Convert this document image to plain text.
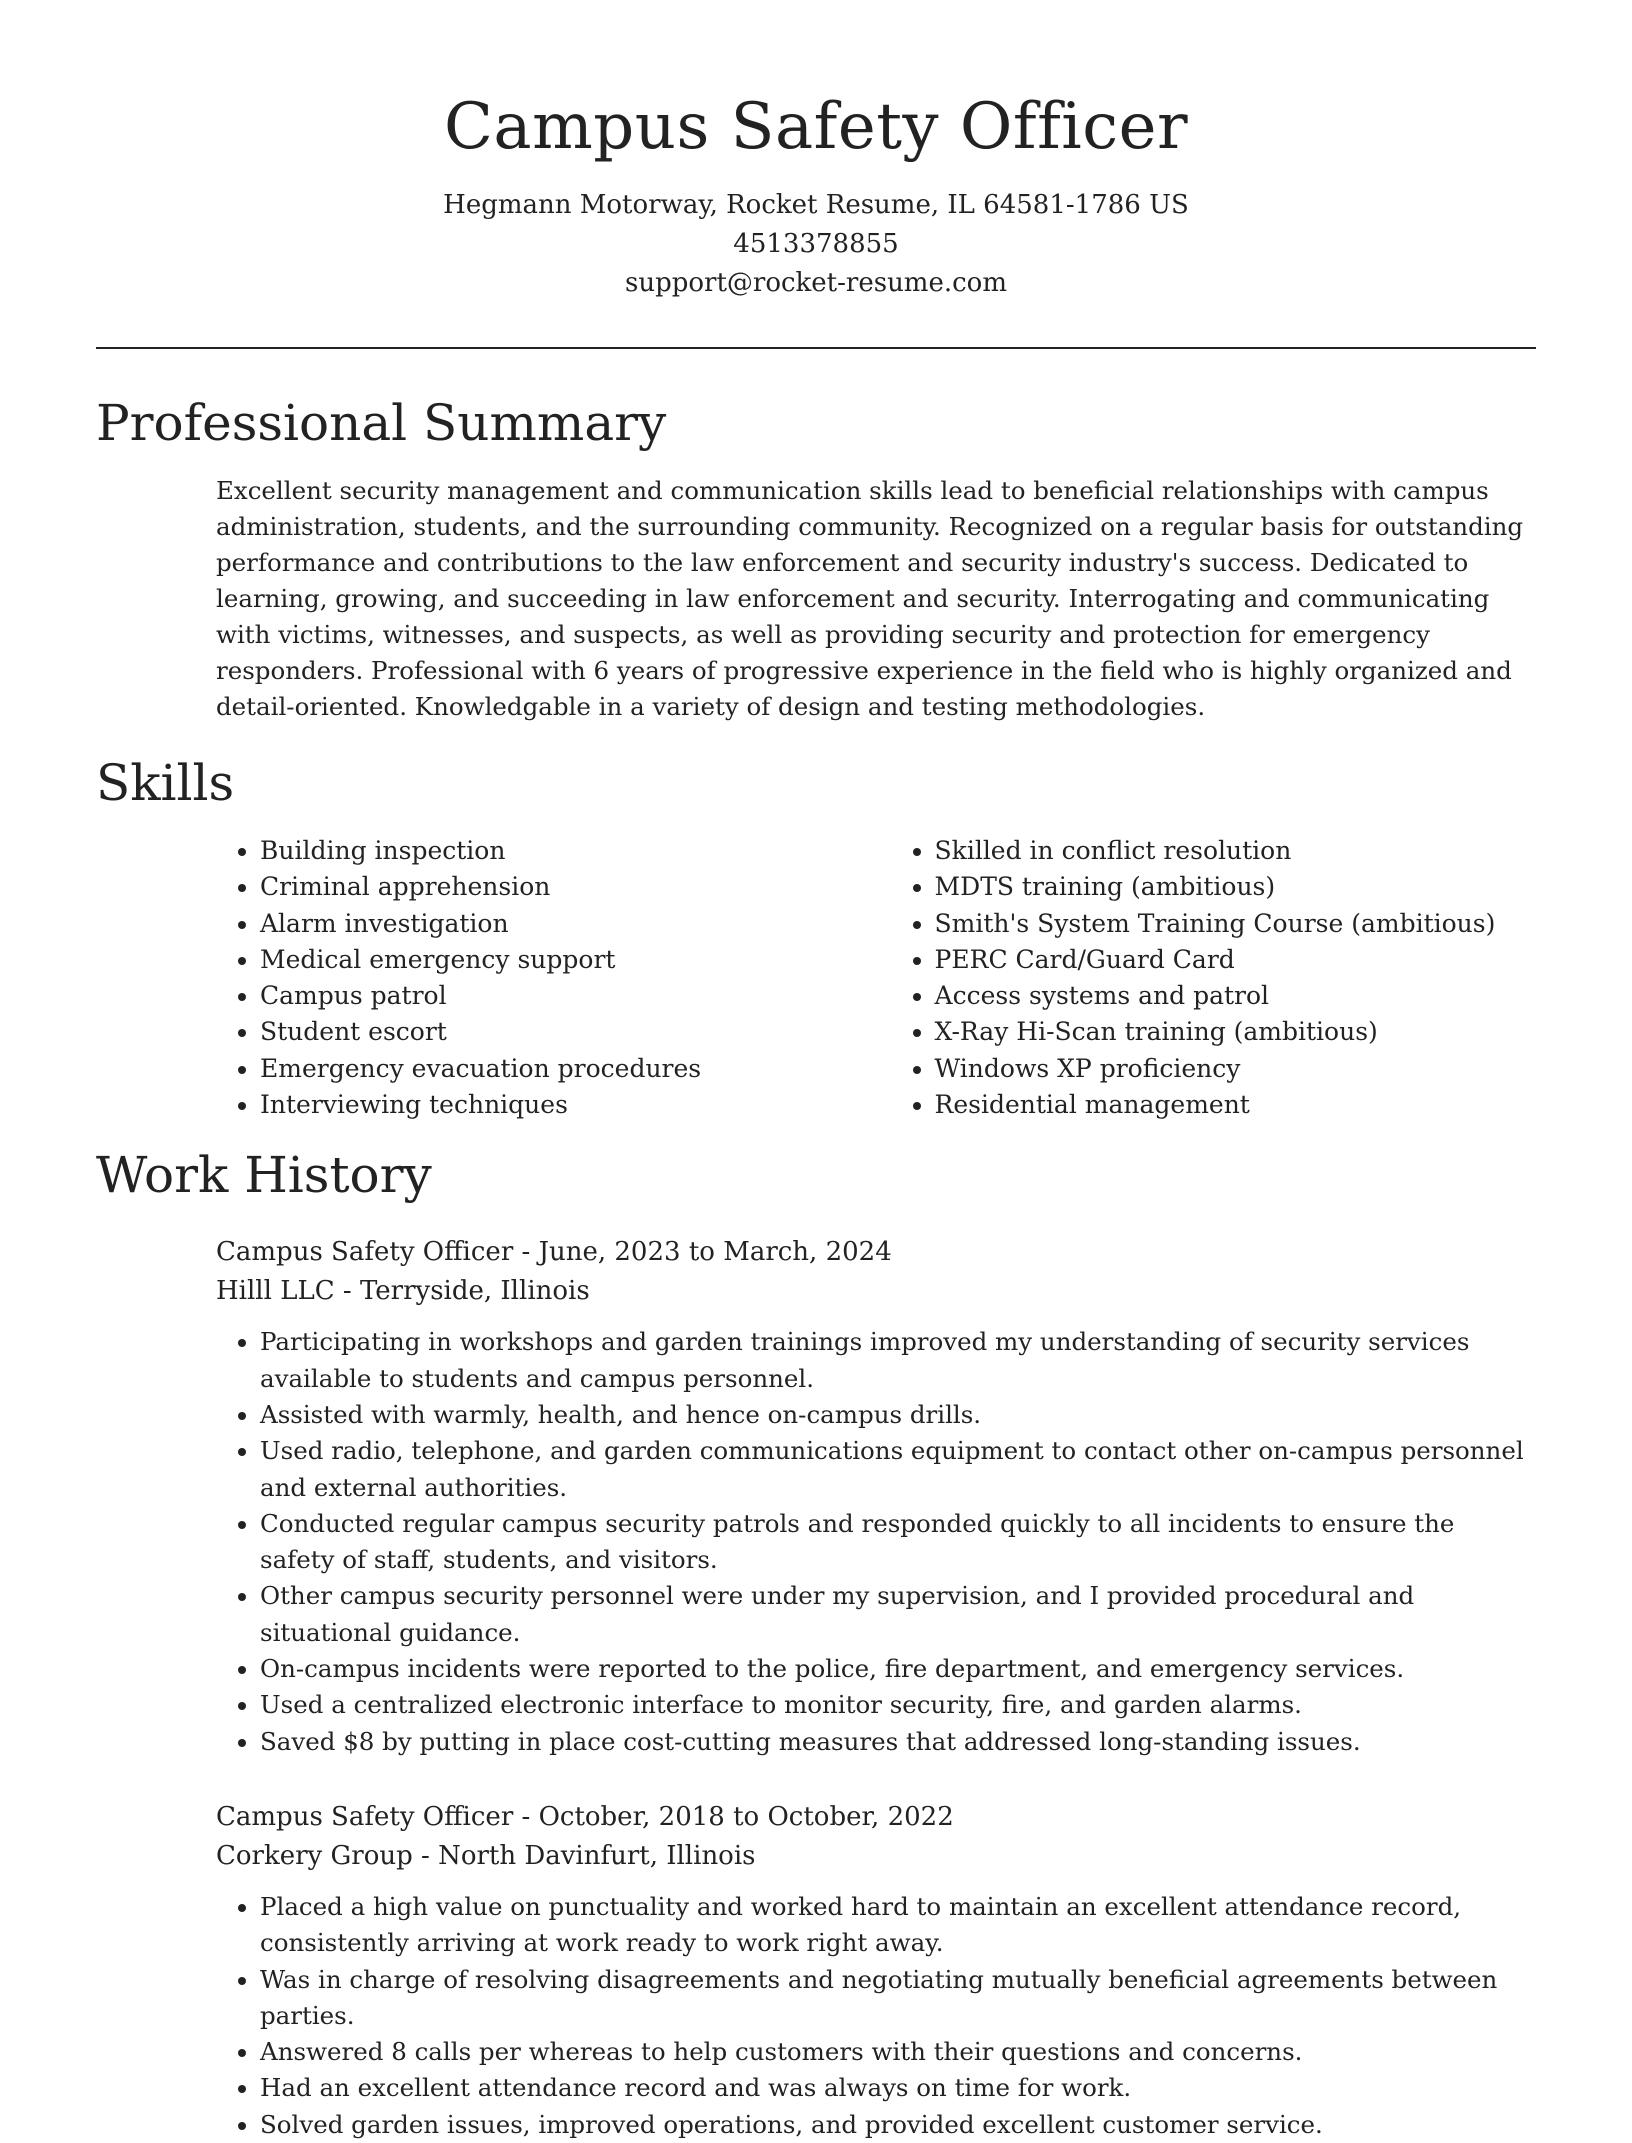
Campus Safety Officer
Hegmann Motorway, Rocket Resume, IL 64581-1786 US
4513378855
support@rocket-resume.com
Professional Summary

Excellent security management and communication skills lead to beneficial relationships with campus administration, students, and the surrounding community. Recognized on a regular basis for outstanding performance and contributions to the law enforcement and security industry's success. Dedicated to learning, growing, and succeeding in law enforcement and security. Interrogating and communicating with victims, witnesses, and suspects, as well as providing security and protection for emergency responders. Professional with 6 years of progressive experience in the field who is highly organized and detail-oriented. Knowledgable in a variety of design and testing methodologies.

Skills
• Building inspection
• Criminal apprehension
• Alarm investigation
• Medical emergency support
• Campus patrol
• Student escort
• Emergency evacuation procedures
• Interviewing techniques
• Skilled in conflict resolution
• MDTS training (ambitious)
• Smith's System Training Course (ambitious)
• PERC Card/Guard Card
• Access systems and patrol
• X-Ray Hi-Scan training (ambitious)
• Windows XP proficiency
• Residential management
Work History
Campus Safety Officer - June, 2023 to March, 2024
Hilll LLC - Terryside, Illinois
• Participating in workshops and garden trainings improved my understanding of security services available to students and campus personnel.
• Assisted with warmly, health, and hence on-campus drills.
• Used radio, telephone, and garden communications equipment to contact other on-campus personnel and external authorities.
• Conducted regular campus security patrols and responded quickly to all incidents to ensure the safety of staff, students, and visitors.
• Other campus security personnel were under my supervision, and I provided procedural and situational guidance.
• On-campus incidents were reported to the police, fire department, and emergency services.
• Used a centralized electronic interface to monitor security, fire, and garden alarms.
• Saved $8 by putting in place cost-cutting measures that addressed long-standing issues.
Campus Safety Officer - October, 2018 to October, 2022
Corkery Group - North Davinfurt, Illinois
• Placed a high value on punctuality and worked hard to maintain an excellent attendance record, consistently arriving at work ready to work right away.
• Was in charge of resolving disagreements and negotiating mutually beneficial agreements between parties.
• Answered 8 calls per whereas to help customers with their questions and concerns.
• Had an excellent attendance record and was always on time for work.
• Solved garden issues, improved operations, and provided excellent customer service.
